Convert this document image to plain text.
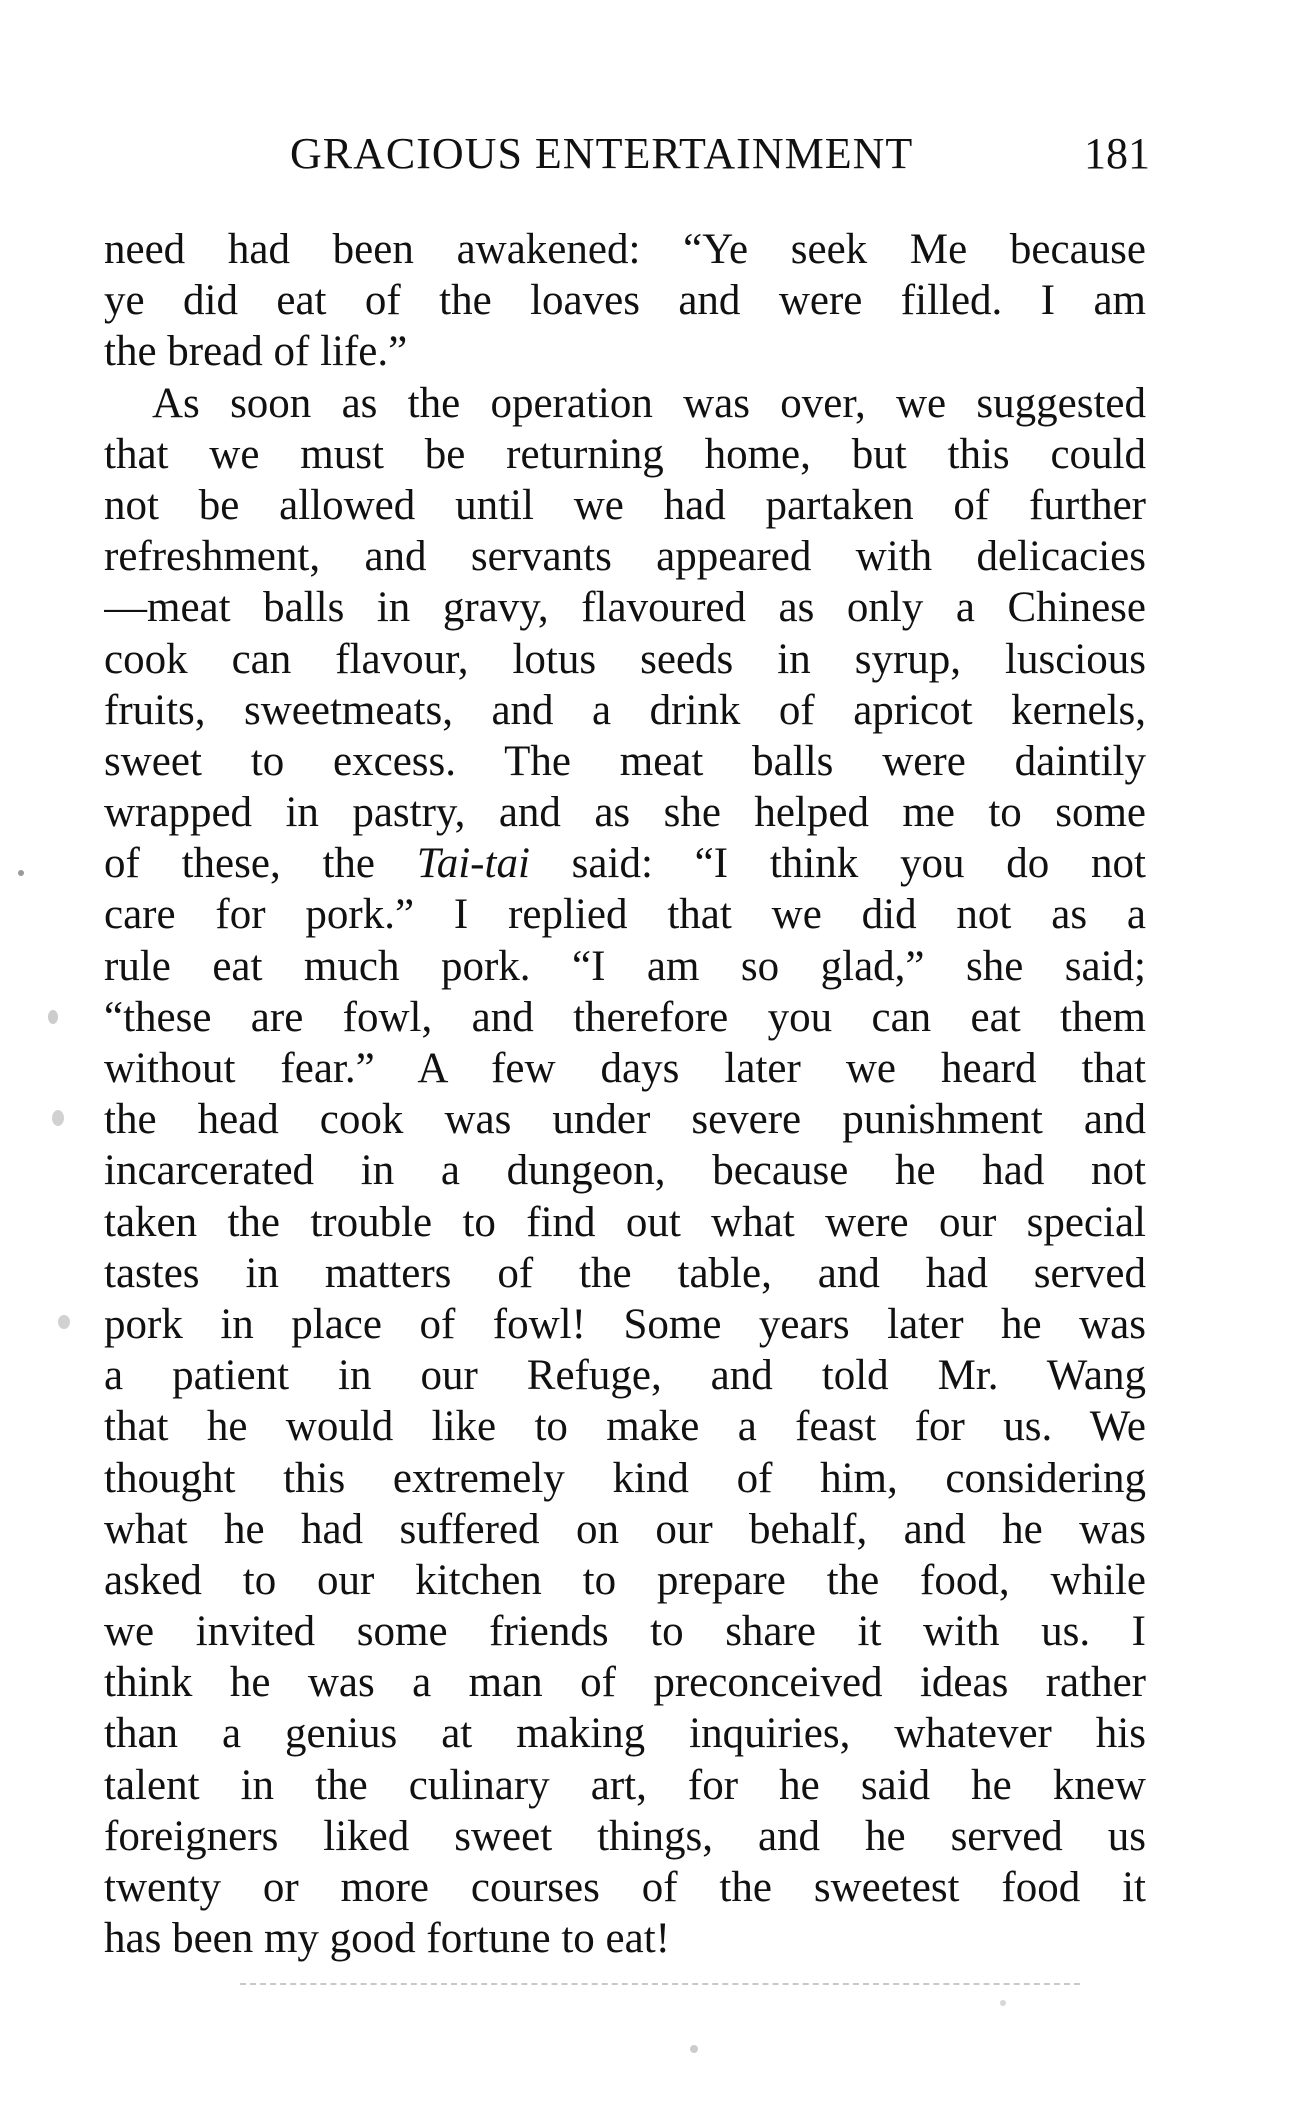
GRACIOUS ENTERTAINMENT	181
need had been awakened: “Ye seek Me because
ye did eat of the loaves and were filled. I am
the bread of life.”
As soon as the operation was over, we suggested
that we must be returning home, but this could
not be allowed until we had partaken of further
refreshment, and servants appeared with delicacies
—meat balls in gravy, flavoured as only a Chinese
cook can flavour, lotus seeds in syrup, luscious
fruits, sweetmeats, and a drink of apricot kernels,
sweet to excess. The meat balls were daintily
wrapped in pastry, and as she helped me to some
of these, the Tai-tai said: “I think you do not
care for pork.” I replied that we did not as a
rule eat much pork. “I am so glad,” she said;
“these are fowl, and therefore you can eat them
without fear.” A few days later we heard that
the head cook was under severe punishment and
incarcerated in a dungeon, because he had not
taken the trouble to find out what were our special
tastes in matters of the table, and had served
pork in place of fowl! Some years later he was
a patient in our Refuge, and told Mr. Wang
that he would like to make a feast for us. We
thought this extremely kind of him, considering
what he had suffered on our behalf, and he was
asked to our kitchen to prepare the food, while
we invited some friends to share it with us. I
think he was a man of preconceived ideas rather
than a genius at making inquiries, whatever his
talent in the culinary art, for he said he knew
foreigners liked sweet things, and he served us
twenty or more courses of the sweetest food it
has been my good fortune to eat!
